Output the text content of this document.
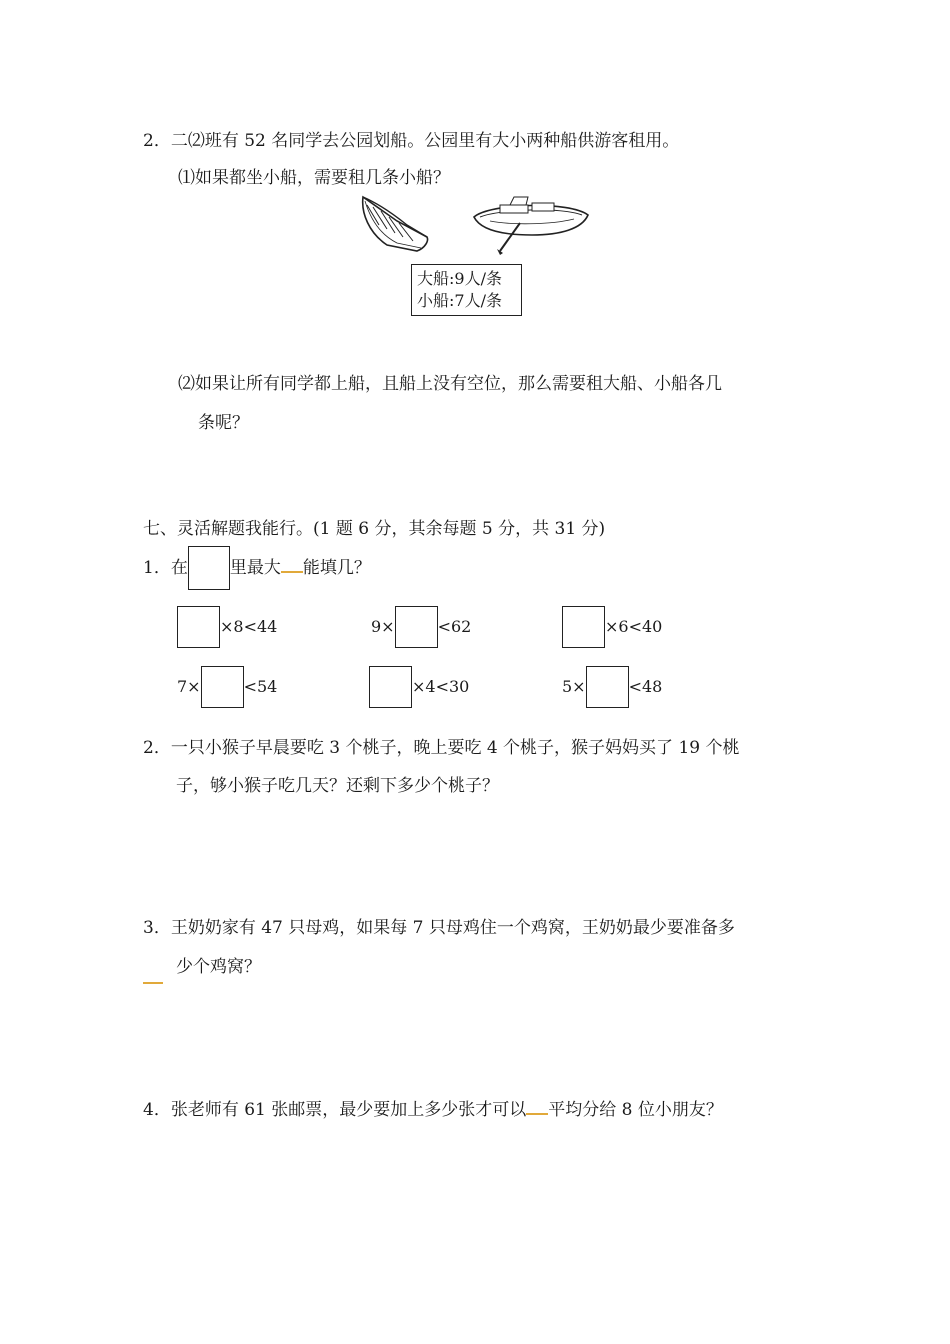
2．二⑵班有 52 名同学去公园划船。公园里有大小两种船供游客租用。
⑴如果都坐小船，需要租几条小船？
大船:9人/条
小船:7人/条
⑵如果让所有同学都上船，且船上没有空位，那么需要租大船、小船各几
条呢？
七、灵活解题我能行。(1 题 6 分，其余每题 5 分，共 31 分)
1．在 里最大 能填几？
×8<44	9×	<62	×6<40
7×	<54	×4<30	5×	<48
2．一只小猴子早晨要吃 3 个桃子，晚上要吃 4 个桃子，猴子妈妈买了 19 个桃
子，够小猴子吃几天？还剩下多少个桃子？
3．王奶奶家有 47 只母鸡，如果每 7 只母鸡住一个鸡窝，王奶奶最少要准备多
少个鸡窝？
4．张老师有 61 张邮票，最少要加上多少张才可以 平均分给 8 位小朋友？
